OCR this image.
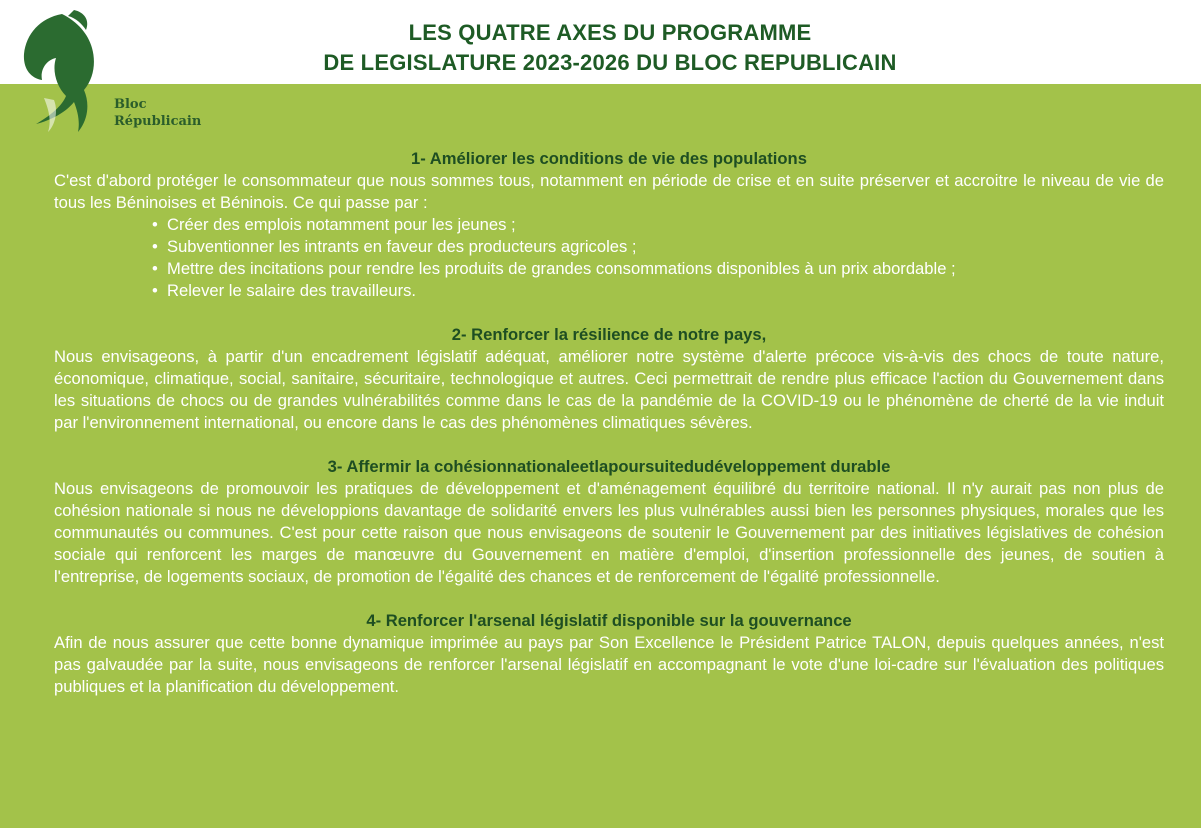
Bloc
Républicain
LES QUATRE AXES DU PROGRAMME
DE LEGISLATURE 2023-2026 DU BLOC REPUBLICAIN
1- Améliorer les conditions de vie des populations

C'est d'abord protéger le consommateur que nous sommes tous, notamment en période de crise et en suite préserver et accroitre le niveau de vie de tous les Béninoises et Béninois. Ce qui passe par :

• Créer des emplois notamment pour les jeunes ;
• Subventionner les intrants en faveur des producteurs agricoles ;
• Mettre des incitations pour rendre les produits de grandes consommations disponibles à un prix abordable ;
• Relever le salaire des travailleurs.
2- Renforcer la résilience de notre pays,

Nous envisageons, à partir d'un encadrement législatif adéquat, améliorer notre système d'alerte précoce vis-à-vis des chocs de toute nature, économique, climatique, social, sanitaire, sécuritaire, technologique et autres. Ceci permettrait de rendre plus efficace l'action du Gouvernement dans les situations de chocs ou de grandes vulnérabilités comme dans le cas de la pandémie de la COVID-19 ou le phénomène de cherté de la vie induit par l'environnement international, ou encore dans le cas des phénomènes climatiques sévères.

3- Affermir la cohésionnationaleetlapoursuitedudéveloppement durable

Nous envisageons de promouvoir les pratiques de développement et d'aménagement équilibré du territoire national. Il n'y aurait pas non plus de cohésion nationale si nous ne développions davantage de solidarité envers les plus vulnérables aussi bien les personnes physiques, morales que les communautés ou communes. C'est pour cette raison que nous envisageons de soutenir le Gouvernement par des initiatives législatives de cohésion sociale qui renforcent les marges de manœuvre du Gouvernement en matière d'emploi, d'insertion professionnelle des jeunes, de soutien à l'entreprise, de logements sociaux, de promotion de l'égalité des chances et de renforcement de l'égalité professionnelle.

4- Renforcer l'arsenal législatif disponible sur la gouvernance

Afin de nous assurer que cette bonne dynamique imprimée au pays par Son Excellence le Président Patrice TALON, depuis quelques années, n'est pas galvaudée par la suite, nous envisageons de renforcer l'arsenal législatif en accompagnant le vote d'une loi-cadre sur l'évaluation des politiques publiques et la planification du développement.
